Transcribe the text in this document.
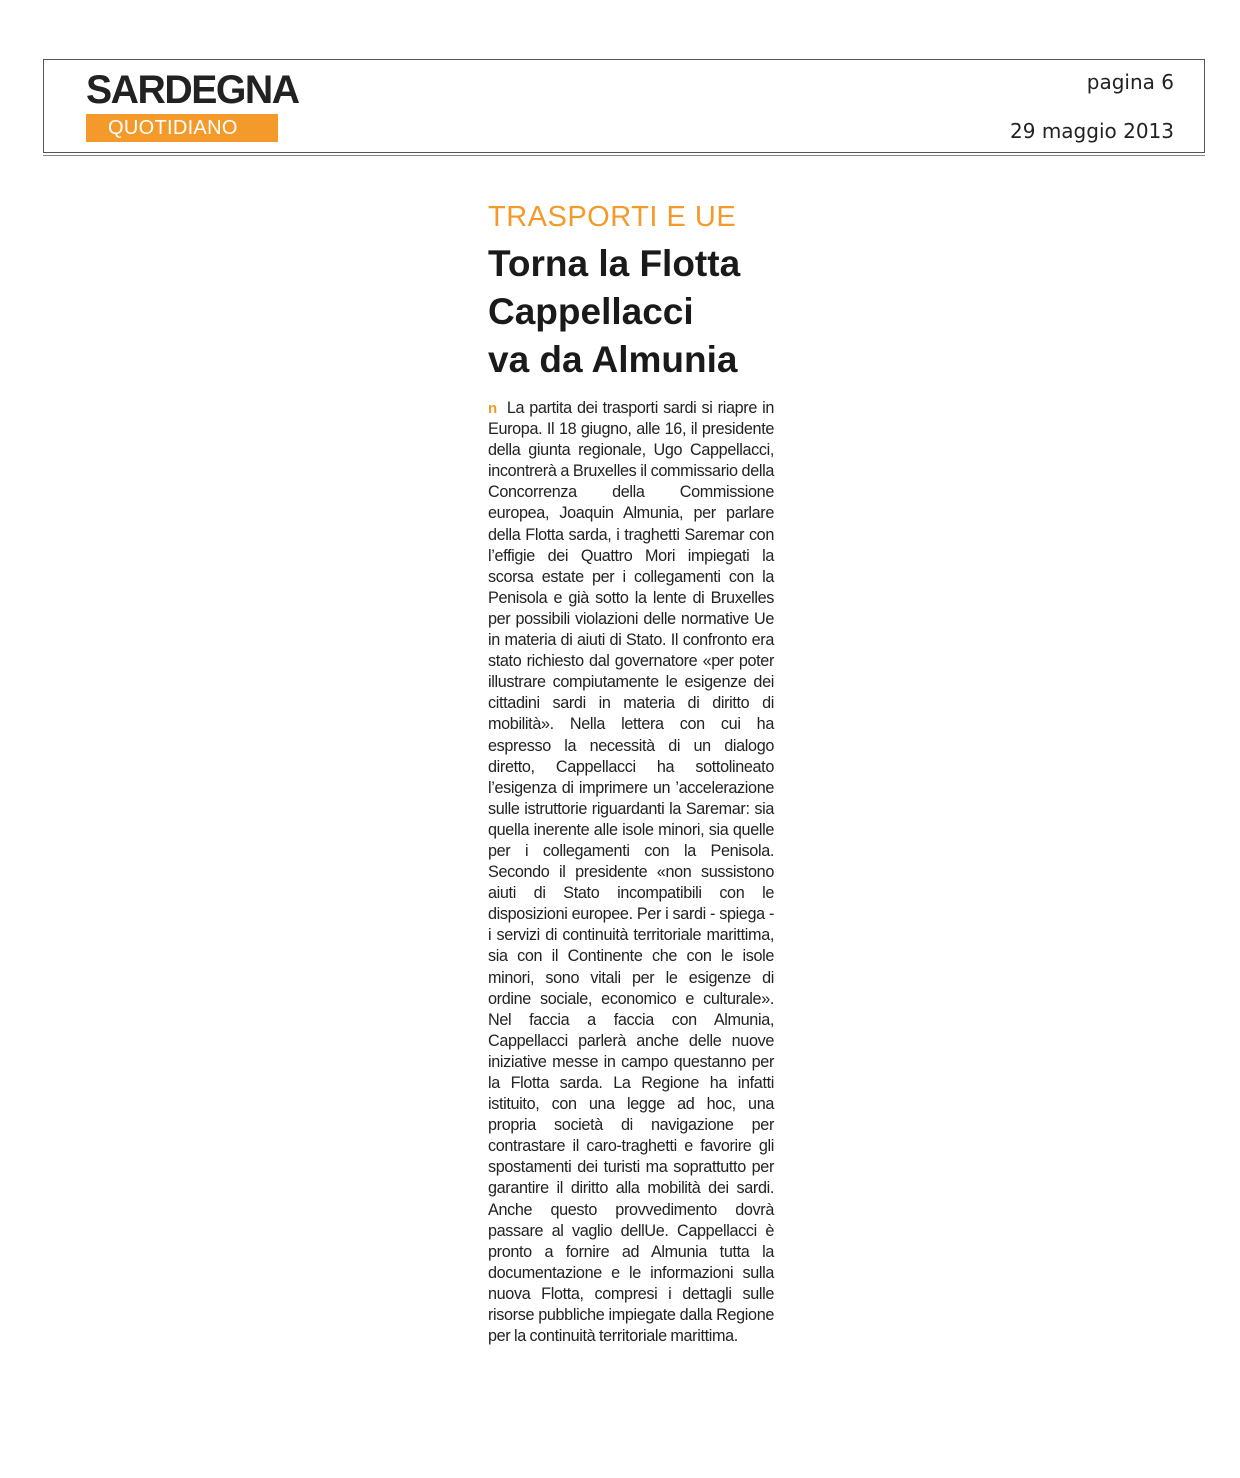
SARDEGNA
QUOTIDIANO
pagina 6
29 maggio 2013
TRASPORTI E UE
Torna la Flotta
Cappellacci
va da Almunia
n La partita dei trasporti sardi si riapre in Europa. Il 18 giugno, alle 16, il presidente della giunta regionale, Ugo Cappellacci, incontrerà a Bruxelles il commissario della Concorrenza della Commissione europea, Joaquin Almunia, per parlare della Flotta sarda, i traghetti Saremar con l’effigie dei Quattro Mori impiegati la scorsa estate per i collegamenti con la Penisola e già sotto la lente di Bruxelles per possibili violazioni delle normative Ue in materia di aiuti di Stato. Il confronto era stato richiesto dal governatore «per poter illustrare compiutamente le esigenze dei cittadini sardi in materia di diritto di mobilità». Nella lettera con cui ha espresso la necessità di un dialogo diretto, Cappellacci ha sottolineato l’esigenza di imprimere un ’accelerazione sulle istruttorie riguardanti la Saremar: sia quella inerente alle isole minori, sia quelle per i collegamenti con la Penisola. Secondo il presidente «non sussistono aiuti di Stato incompatibili con le disposizioni europee. Per i sardi - spiega - i servizi di continuità territoriale marittima, sia con il Continente che con le isole minori, sono vitali per le esigenze di ordine sociale, economico e culturale». Nel faccia a faccia con Almunia, Cappellacci parlerà anche delle nuove iniziative messe in campo questanno per la Flotta sarda. La Regione ha infatti istituito, con una legge ad hoc, una propria società di navigazione per contrastare il caro-traghetti e favorire gli spostamenti dei turisti ma soprattutto per garantire il diritto alla mobilità dei sardi. Anche questo provvedimento dovrà passare al vaglio dellUe. Cappellacci è pronto a fornire ad Almunia tutta la documentazione e le informazioni sulla nuova Flotta, compresi i dettagli sulle risorse pubbliche impiegate dalla Regione per la continuità territoriale marittima.
